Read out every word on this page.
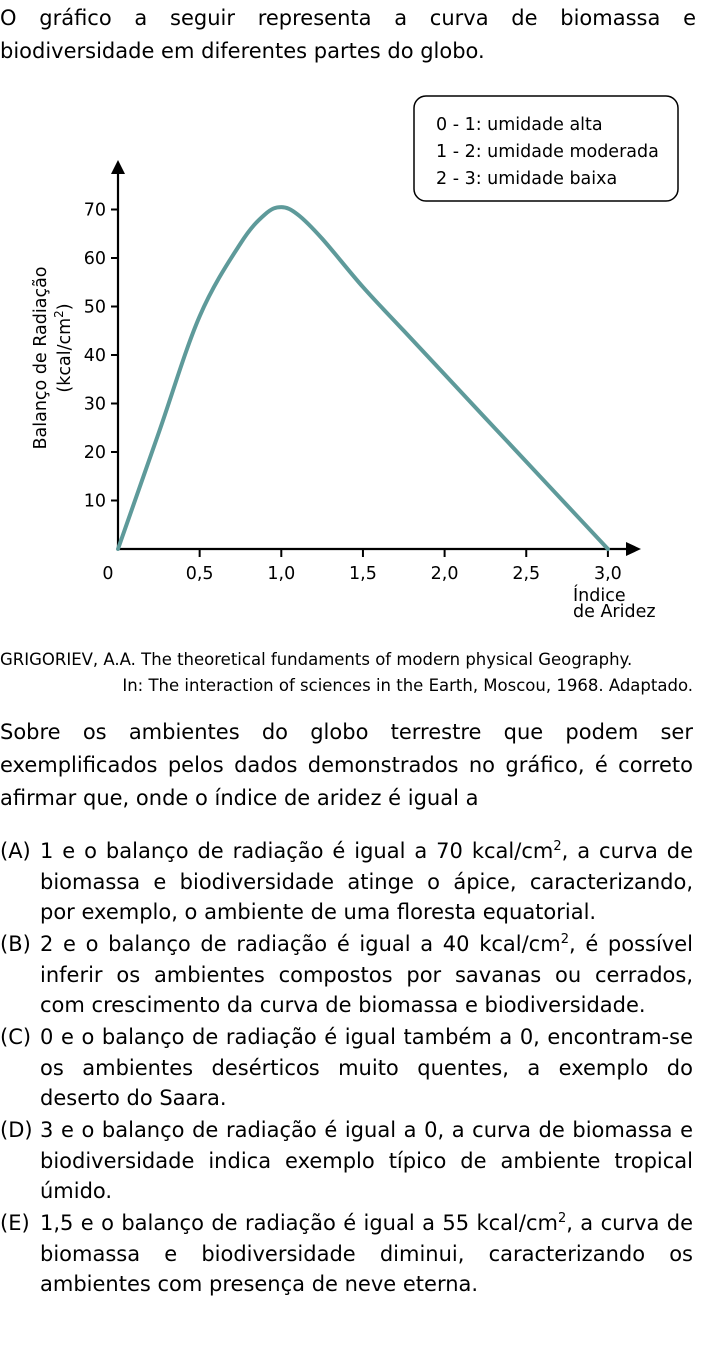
O gráfico a seguir representa a curva de biomassa e biodiversidade em diferentes partes do globo.
10
20
30
40
50
60
70
0	0,5	1,0	1,5	2,0	2,5	3,0
0 - 1: umidade alta
1 - 2: umidade moderada
2 - 3: umidade baixa
Índice
de Aridez
Balanço de Radiação $(kcal/cm^2)$
GRIGORIEV, A.A. The theoretical fundaments of modern physical Geography.
In: The interaction of sciences in the Earth, Moscou, 1968. Adaptado.
Sobre os ambientes do globo terrestre que podem ser exemplificados pelos dados demonstrados no gráfico, é correto afirmar que, onde o índice de aridez é igual a
(A) 1 e o balanço de radiação é igual a 70 kcal/$cm^2$, a curva de biomassa e biodiversidade atinge o ápice, caracterizando, por exemplo, o ambiente de uma floresta equatorial.
(B) 2 e o balanço de radiação é igual a 40 kcal/$cm^2$, é possível inferir os ambientes compostos por savanas ou cerrados, com crescimento da curva de biomassa e biodiversidade.
(C) 0 e o balanço de radiação é igual também a 0, encontram-se os ambientes desérticos muito quentes, a exemplo do deserto do Saara.
(D) 3 e o balanço de radiação é igual a 0, a curva de biomassa e biodiversidade indica exemplo típico de ambiente tropical úmido.
(E) 1,5 e o balanço de radiação é igual a 55 kcal/$cm^2$, a curva de biomassa e biodiversidade diminui, caracterizando os ambientes com presença de neve eterna.
